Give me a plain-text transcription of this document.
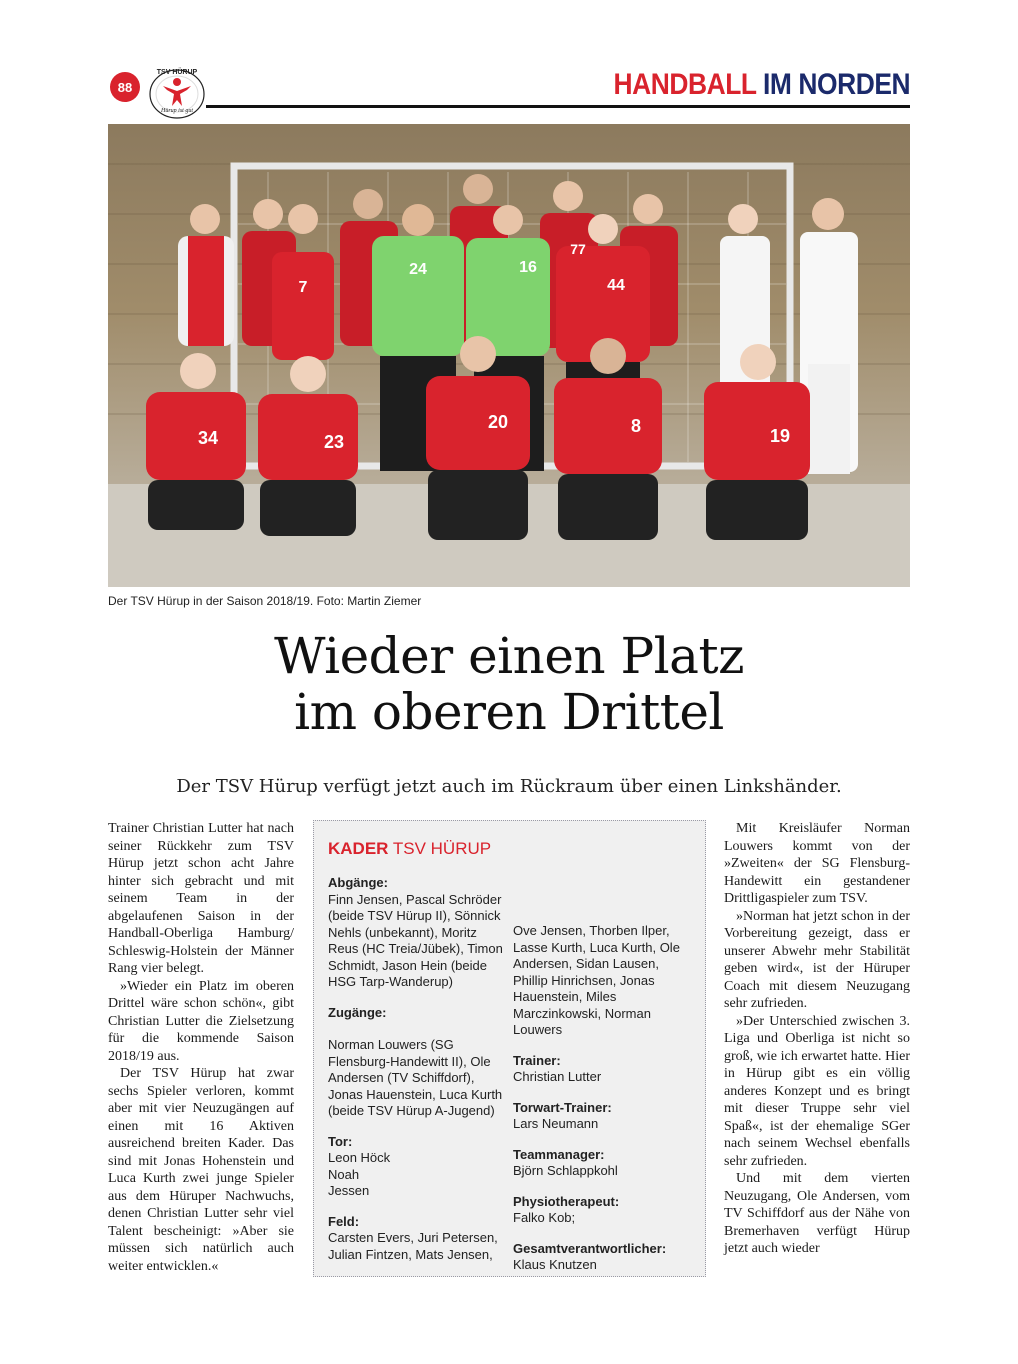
88
TSV HÜRUP
Hürup ist gut
HANDBALL IM NORDEN
7
24	16
44
77
34	23
20	8	19
Der TSV Hürup in der Saison 2018/19. Foto: Martin Ziemer
Wieder einen Platz
im oberen Drittel
Der TSV Hürup verfügt jetzt auch im Rückraum über einen Linkshänder.

Trainer Christian Lutter hat nach seiner Rückkehr zum TSV Hürup jetzt schon acht Jahre hinter sich gebracht und mit seinem Team in der abgelaufenen Saison in der Handball-Oberliga Hamburg/ Schleswig-Holstein der Männer Rang vier belegt.

»Wieder ein Platz im oberen Drittel wäre schon schön«, gibt Christian Lutter die Zielsetzung für die kommende Saison 2018/19 aus.

Der TSV Hürup hat zwar sechs Spieler verloren, kommt aber mit vier Neuzugängen auf einen mit 16 Aktiven ausreichend breiten Kader. Das sind mit Jonas Hohenstein und Luca Kurth zwei junge Spieler aus dem Hüruper Nachwuchs, denen Christian Lutter sehr viel Talent bescheinigt: »Aber sie müssen sich natürlich auch weiter entwicklen.«

KADER TSV HÜRUP
Abgänge:
Finn Jensen, Pascal Schröder (beide TSV Hürup II), Sönnick Nehls (unbekannt), Moritz Reus (HC Treia/Jübek), Timon Schmidt, Jason Hein (beide HSG Tarp-Wanderup)
Zugänge:
Norman Louwers (SG Flensburg-Handewitt II), Ole Andersen (TV Schiffdorf), Jonas Hauenstein, Luca Kurth (beide TSV Hürup A-Jugend)
Tor:
Leon Höck Noah Jessen
Feld:
Carsten Evers, Juri Petersen, Julian Fintzen, Mats Jensen,
Ove Jensen, Thorben Ilper, Lasse Kurth, Luca Kurth, Ole Andersen, Sidan Lausen, Phillip Hinrichsen, Jonas Hauenstein, Miles Marczinkowski, Norman Louwers
Trainer:
Christian Lutter
Torwart-Trainer:
Lars Neumann
Teammanager:
Björn Schlappkohl
Physiotherapeut:
Falko Kob;
Gesamtverantwortlicher:
Klaus Knutzen

Mit Kreisläufer Norman Louwers kommt von der »Zweiten« der SG Flensburg-Handewitt ein gestandener Drittligaspieler zum TSV.

»Norman hat jetzt schon in der Vorbereitung gezeigt, dass er unserer Abwehr mehr Stabilität geben wird«, ist der Hüruper Coach mit diesem Neuzugang sehr zufrieden.

»Der Unterschied zwischen 3. Liga und Oberliga ist nicht so groß, wie ich erwartet hatte. Hier in Hürup gibt es ein völlig anderes Konzept und es bringt mit dieser Truppe sehr viel Spaß«, ist der ehemalige SGer nach seinem Wechsel ebenfalls sehr zufrieden.

Und mit dem vierten Neuzugang, Ole Andersen, vom TV Schiffdorf aus der Nähe von Bremerhaven verfügt Hürup jetzt auch wieder
